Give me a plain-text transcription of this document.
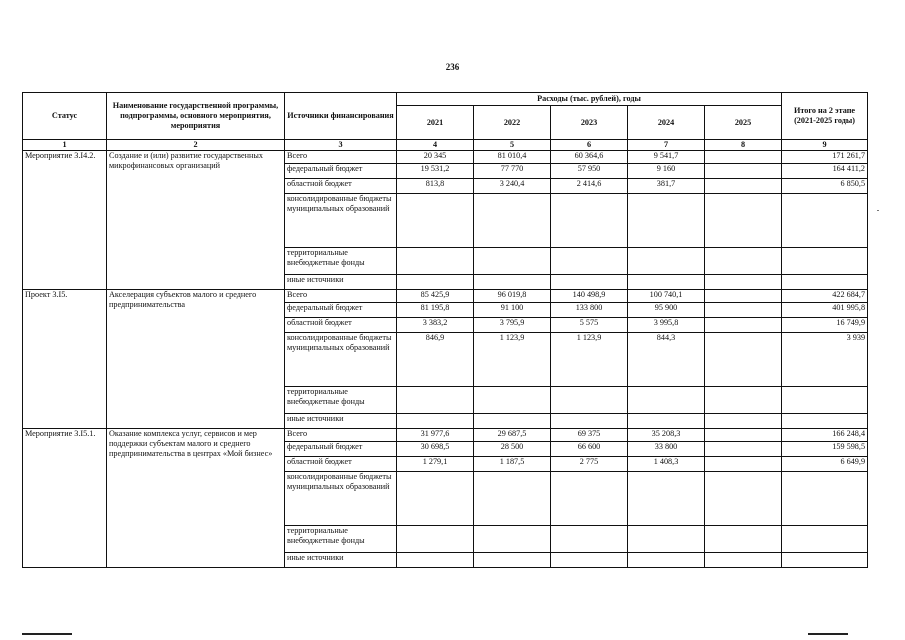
236
Статус	Наименование государственной программы, подпрограммы, основного мероприятия, мероприятия	Источники финансирования	Расходы (тыс. рублей), годы					Итого на 2 этапе (2021-2025 годы)
			2021	2022	2023	2024	2025	
1	2	3	4	5	6	7	8	9
Мероприятие 3.I4.2.	Создание и (или) развитие государственных микрофинансовых организаций	Всего	20 345	81 010,4	60 364,6	9 541,7		171 261,7
		федеральный бюджет	19 531,2	77 770	57 950	9 160		164 411,2
		областной бюджет	813,8	3 240,4	2 414,6	381,7		6 850,5
		консолидированные бюджеты муниципальных образований						
		территориальные внебюджетные фонды						
		иные источники						
Проект 3.I5.	Акселерация субъектов малого и среднего предпринимательства	Всего	85 425,9	96 019,8	140 498,9	100 740,1		422 684,7
		федеральный бюджет	81 195,8	91 100	133 800	95 900		401 995,8
		областной бюджет	3 383,2	3 795,9	5 575	3 995,8		16 749,9
		консолидированные бюджеты муниципальных образований	846,9	1 123,9	1 123,9	844,3		3 939
		территориальные внебюджетные фонды						
		иные источники						
Мероприятие 3.I5.1.	Оказание комплекса услуг, сервисов и мер поддержки субъектам малого и среднего предпринимательства в центрах «Мой бизнес»	Всего	31 977,6	29 687,5	69 375	35 208,3		166 248,4
		федеральный бюджет	30 698,5	28 500	66 600	33 800		159 598,5
		областной бюджет	1 279,1	1 187,5	2 775	1 408,3		6 649,9
		консолидированные бюджеты муниципальных образований						
		территориальные внебюджетные фонды						
		иные источники						
